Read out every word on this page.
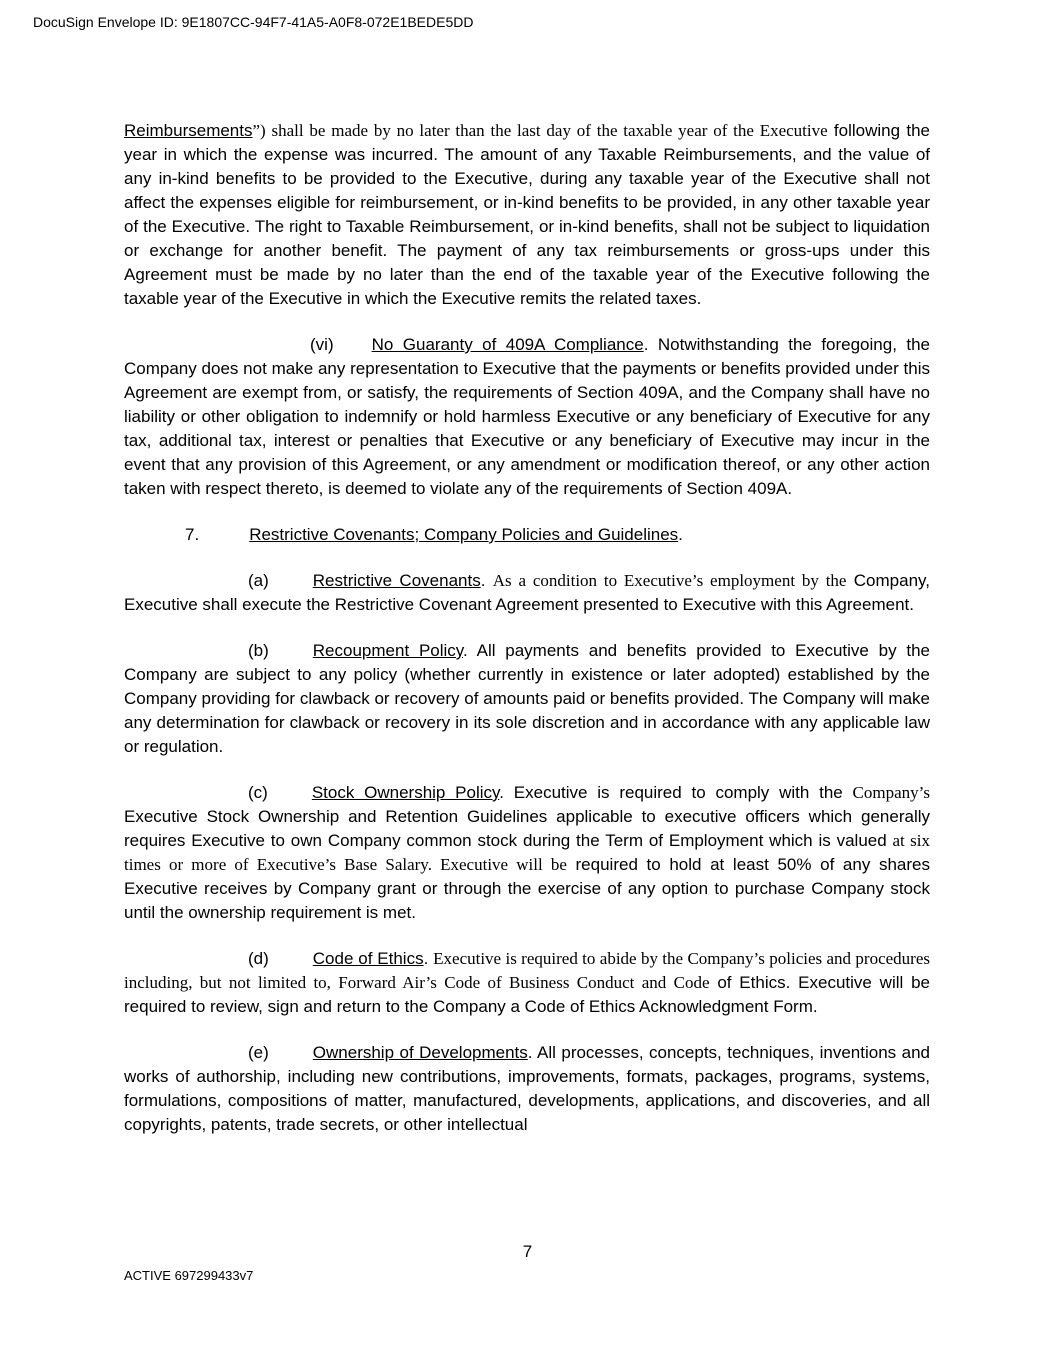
DocuSign Envelope ID: 9E1807CC-94F7-41A5-A0F8-072E1BEDE5DD

Reimbursements”) shall be made by no later than the last day of the taxable year of the Executive following the year in which the expense was incurred. The amount of any Taxable Reimbursements, and the value of any in-kind benefits to be provided to the Executive, during any taxable year of the Executive shall not affect the expenses eligible for reimbursement, or in-kind benefits to be provided, in any other taxable year of the Executive. The right to Taxable Reimbursement, or in-kind benefits, shall not be subject to liquidation or exchange for another benefit. The payment of any tax reimbursements or gross-ups under this Agreement must be made by no later than the end of the taxable year of the Executive following the taxable year of the Executive in which the Executive remits the related taxes.

(vi) No Guaranty of 409A Compliance. Notwithstanding the foregoing, the Company does not make any representation to Executive that the payments or benefits provided under this Agreement are exempt from, or satisfy, the requirements of Section 409A, and the Company shall have no liability or other obligation to indemnify or hold harmless Executive or any beneficiary of Executive for any tax, additional tax, interest or penalties that Executive or any beneficiary of Executive may incur in the event that any provision of this Agreement, or any amendment or modification thereof, or any other action taken with respect thereto, is deemed to violate any of the requirements of Section 409A.

7.	Restrictive Covenants; Company Policies and Guidelines.

(a)	Restrictive Covenants. As a condition to Executive’s employment by the Company, Executive shall execute the Restrictive Covenant Agreement presented to Executive with this Agreement.

(b)	Recoupment Policy. All payments and benefits provided to Executive by the Company are subject to any policy (whether currently in existence or later adopted) established by the Company providing for clawback or recovery of amounts paid or benefits provided. The Company will make any determination for clawback or recovery in its sole discretion and in accordance with any applicable law or regulation.

(c)	Stock Ownership Policy. Executive is required to comply with the Company’s Executive Stock Ownership and Retention Guidelines applicable to executive officers which generally requires Executive to own Company common stock during the Term of Employment which is valued at six times or more of Executive’s Base Salary. Executive will be required to hold at least 50% of any shares Executive receives by Company grant or through the exercise of any option to purchase Company stock until the ownership requirement is met.

(d)	Code of Ethics. Executive is required to abide by the Company’s policies and procedures including, but not limited to, Forward Air’s Code of Business Conduct and Code of Ethics. Executive will be required to review, sign and return to the Company a Code of Ethics Acknowledgment Form.

(e)	Ownership of Developments. All processes, concepts, techniques, inventions and works of authorship, including new contributions, improvements, formats, packages, programs, systems, formulations, compositions of matter, manufactured, developments, applications, and discoveries, and all copyrights, patents, trade secrets, or other intellectual

7
ACTIVE 697299433v7
